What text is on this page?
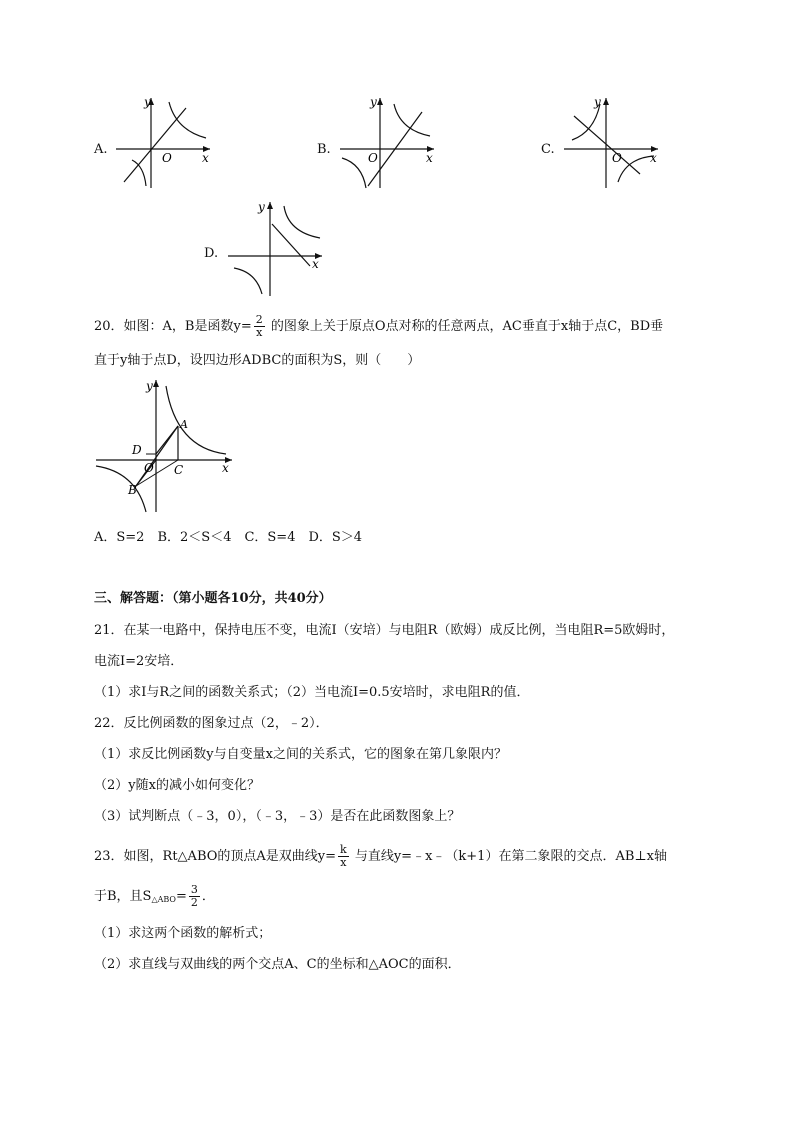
A.
y
x
O
B.
y
x
O
C.
y
x
O
D.
y
x
20．如图：A，B是函数$y= \frac{2}{x}$ 的图象上关于原点O点对称的任意两点，AC垂直于x轴于点C，BD垂
直于y轴于点D，设四边形ADBC的面积为S，则（　　）
y
x
A
B
C
D
O
A．S=2　B．2＜S＜4　C．S=4　D．S＞4
三、解答题：（第小题各10分，共40分）
21．在某一电路中，保持电压不变，电流I（安培）与电阻R（欧姆）成反比例，当电阻R=5欧姆时，
电流I=2安培．
（1）求I与R之间的函数关系式；（2）当电流I=0.5安培时，求电阻R的值．
22．反比例函数的图象过点（2，﹣2）．
（1）求反比例函数y与自变量x之间的关系式，它的图象在第几象限内？
（2）y随x的减小如何变化？
（3）试判断点（﹣3，0），（﹣3，﹣3）是否在此函数图象上？
23．如图，Rt△ABO的顶点A是双曲线$y= \frac{k}{x}$ 与直线y=﹣x﹣（k+1）在第二象限的交点．AB⊥x轴
于B，且$S_{\triangle ABO}= \frac{3}{2}$ ．
（1）求这两个函数的解析式；
（2）求直线与双曲线的两个交点A、C的坐标和△AOC的面积．
